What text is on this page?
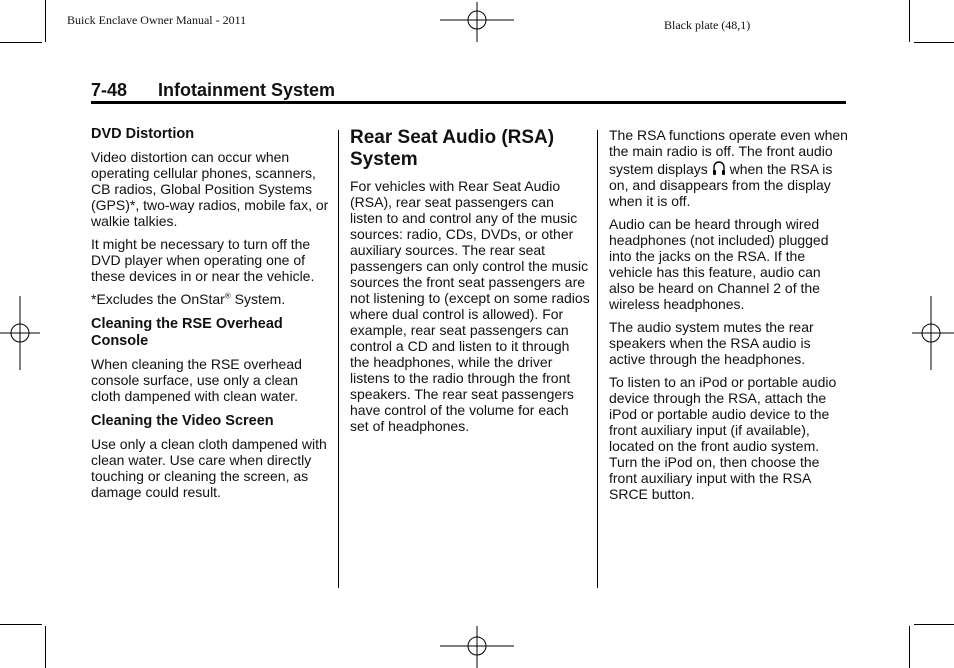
Buick Enclave Owner Manual - 2011	Black plate (48,1)
7-48 Infotainment System
DVD Distortion

Video distortion can occur when operating cellular phones, scanners, CB radios, Global Position Systems (GPS)*, two-way radios, mobile fax, or walkie talkies.

It might be necessary to turn off the DVD player when operating one of these devices in or near the vehicle.

*Excludes the OnStar® System.

Cleaning the RSE Overhead Console

When cleaning the RSE overhead console surface, use only a clean cloth dampened with clean water.

Cleaning the Video Screen

Use only a clean cloth dampened with clean water. Use care when directly touching or cleaning the screen, as damage could result.

Rear Seat Audio (RSA) System

For vehicles with Rear Seat Audio (RSA), rear seat passengers can listen to and control any of the music sources: radio, CDs, DVDs, or other auxiliary sources. The rear seat passengers can only control the music sources the front seat passengers are not listening to (except on some radios where dual control is allowed). For example, rear seat passengers can control a CD and listen to it through the headphones, while the driver listens to the radio through the front speakers. The rear seat passengers have control of the volume for each set of headphones.

The RSA functions operate even when the main radio is off. The front audio system displays  when the RSA is on, and disappears from the display when it is off.

Audio can be heard through wired headphones (not included) plugged into the jacks on the RSA. If the vehicle has this feature, audio can also be heard on Channel 2 of the wireless headphones.

The audio system mutes the rear speakers when the RSA audio is active through the headphones.

To listen to an iPod or portable audio device through the RSA, attach the iPod or portable audio device to the front auxiliary input (if available), located on the front audio system. Turn the iPod on, then choose the front auxiliary input with the RSA SRCE button.
